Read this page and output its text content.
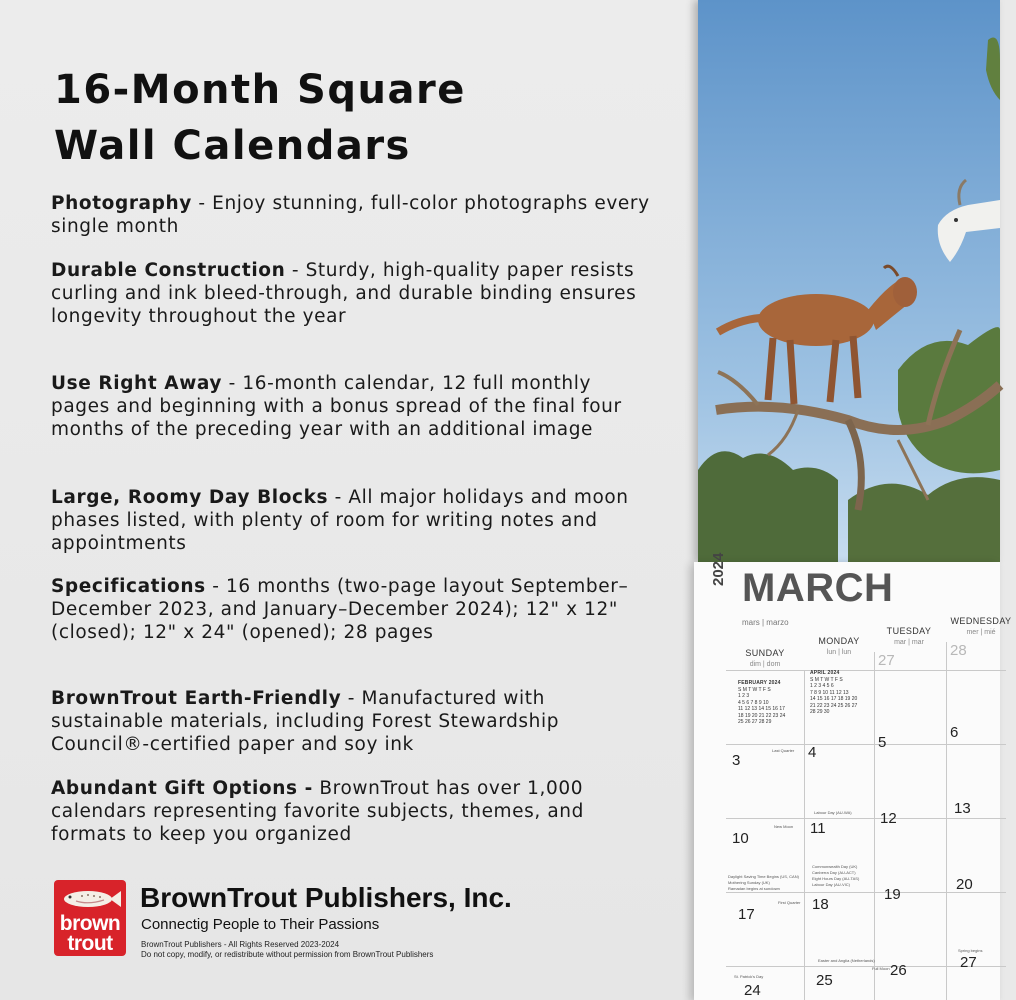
16-Month Square
Wall Calendars

Photography - Enjoy stunning, full-color photographs every single month

Durable Construction - Sturdy, high-quality paper resists curling and ink bleed-through, and durable binding ensures longevity throughout the year

Use Right Away - 16-month calendar, 12 full monthly pages and beginning with a bonus spread of the final four months of the preceding year with an additional image

Large, Roomy Day Blocks - All major holidays and moon phases listed, with plenty of room for writing notes and appointments

Specifications - 16 months (two-page layout September–December 2023, and January–December 2024); 12" x 12" (closed); 12" x 24" (opened); 28 pages

BrownTrout Earth-Friendly - Manufactured with sustainable materials, including Forest Stewardship Council®-certified paper and soy ink

Abundant Gift Options - BrownTrout has over 1,000 calendars representing favorite subjects, themes, and formats to keep you organized

brown
trout
BrownTrout Publishers, Inc.
Connectig People to Their Passions
BrownTrout Publishers - All Rights Reserved 2023-2024
Do not copy, modify, or redistribute without permission from BrownTrout Publishers
2024 MARCH
mars | marzo
SUNDAY
dim | dom
MONDAY
lun | lun
TUESDAY
mar | mar
WEDNESDAY
mer | mié
FEBRUARY 2024
S M T W T F S
1 2 3
4 5 6 7 8 9 10
11 12 13 14 15 16 17
18 19 20 21 22 23 24
25 26 27 28 29
APRIL 2024
S M T W T F S
1 2 3 4 5 6
7 8 9 10 11 12 13
14 15 16 17 18 19 20
21 22 23 24 25 26 27
28 29 30
27
28
3	4
5
6
10
11
12
13
17
18
19
20
24
25
26	27
Last Quarter
Labour Day (AU-WA)
New Moon
Daylight Saving Time Begins (US, CAN)
Mothering Sunday (UK)
Ramadan begins at sundown
Commonwealth Day (UK)
Canberra Day (AU-ACT)
Eight Hours Day (AU-TAS)
Labour Day (AU-VIC)
First Quarter
Spring begins
St. Patrick's Day
Easter and Anglia (Netherlands)
Full Moon
